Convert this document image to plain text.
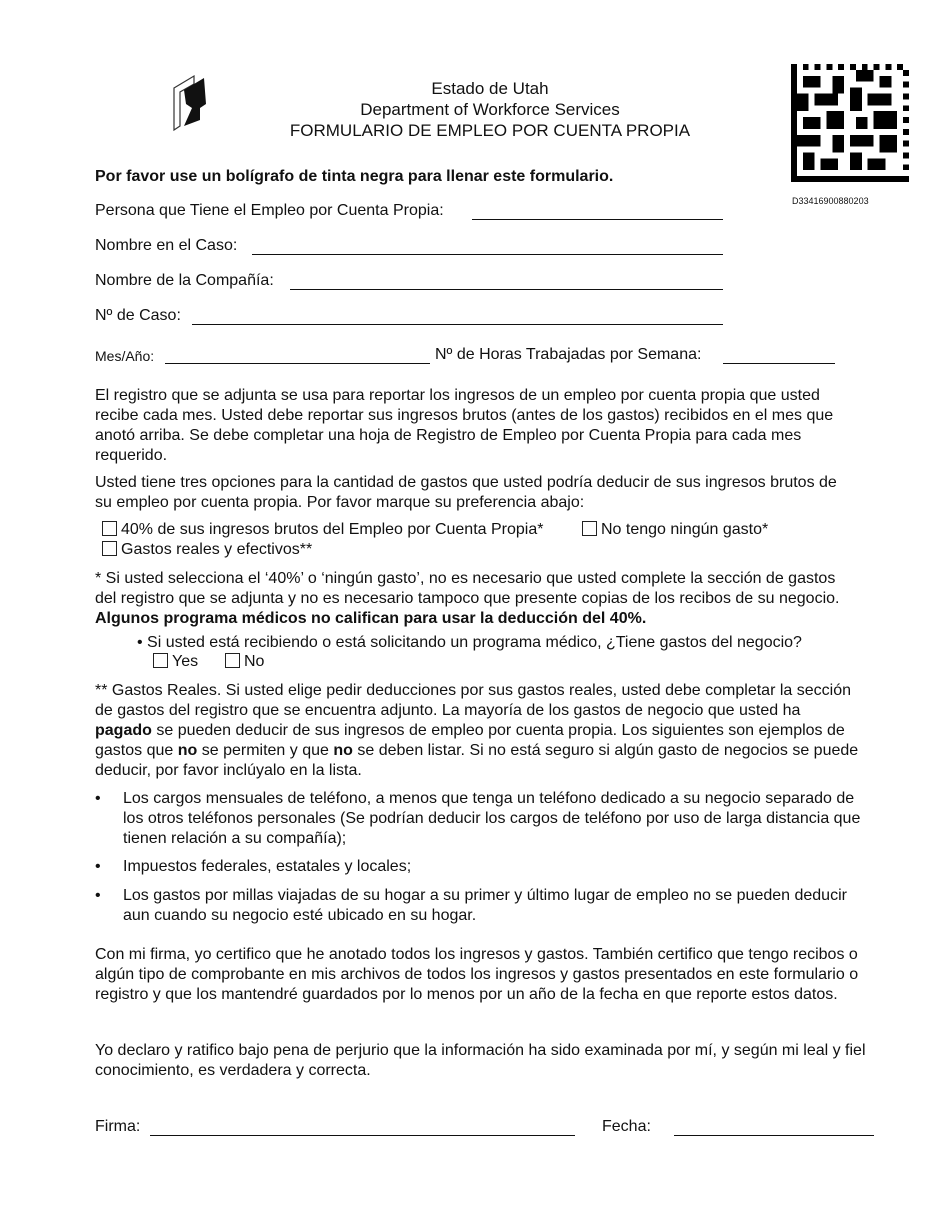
Estado de Utah
Department of Workforce Services
FORMULARIO DE EMPLEO POR CUENTA PROPIA
D33416900880203
Por favor use un bolígrafo de tinta negra para llenar este formulario.
Persona que Tiene el Empleo por Cuenta Propia:
Nombre en el Caso:
Nombre de la Compañía:
Nº de Caso:
Mes/Año:	Nº de Horas Trabajadas por Semana:
El registro que se adjunta se usa para reportar los ingresos de un empleo por cuenta propia que usted recibe cada mes. Usted debe reportar sus ingresos brutos (antes de los gastos) recibidos en el mes que anotó arriba. Se debe completar una hoja de Registro de Empleo por Cuenta Propia para cada mes requerido.
Usted tiene tres opciones para la cantidad de gastos que usted podría deducir de sus ingresos brutos de su empleo por cuenta propia. Por favor marque su preferencia abajo:
40% de sus ingresos brutos del Empleo por Cuenta Propia*	No tengo ningún gasto*
Gastos reales y efectivos**
* Si usted selecciona el ‘40%’ o ‘ningún gasto’, no es necesario que usted complete la sección de gastos del registro que se adjunta y no es necesario tampoco que presente copias de los recibos de su negocio. Algunos programa médicos no califican para usar la deducción del 40%.
• Si usted está recibiendo o está solicitando un programa médico, ¿Tiene gastos del negocio?
Yes	No
** Gastos Reales. Si usted elige pedir deducciones por sus gastos reales, usted debe completar la sección de gastos del registro que se encuentra adjunto. La mayoría de los gastos de negocio que usted ha pagado se pueden deducir de sus ingresos de empleo por cuenta propia. Los siguientes son ejemplos de gastos que no se permiten y que no se deben listar. Si no está seguro si algún gasto de negocios se puede deducir, por favor inclúyalo en la lista.
• Los cargos mensuales de teléfono, a menos que tenga un teléfono dedicado a su negocio separado de los otros teléfonos personales (Se podrían deducir los cargos de teléfono por uso de larga distancia que tienen relación a su compañía);
• Impuestos federales, estatales y locales;
• Los gastos por millas viajadas de su hogar a su primer y último lugar de empleo no se pueden deducir aun cuando su negocio esté ubicado en su hogar.
Con mi firma, yo certifico que he anotado todos los ingresos y gastos. También certifico que tengo recibos o algún tipo de comprobante en mis archivos de todos los ingresos y gastos presentados en este formulario o registro y que los mantendré guardados por lo menos por un año de la fecha en que reporte estos datos.
Yo declaro y ratifico bajo pena de perjurio que la información ha sido examinada por mí, y según mi leal y fiel conocimiento, es verdadera y correcta.
Firma:	Fecha:
